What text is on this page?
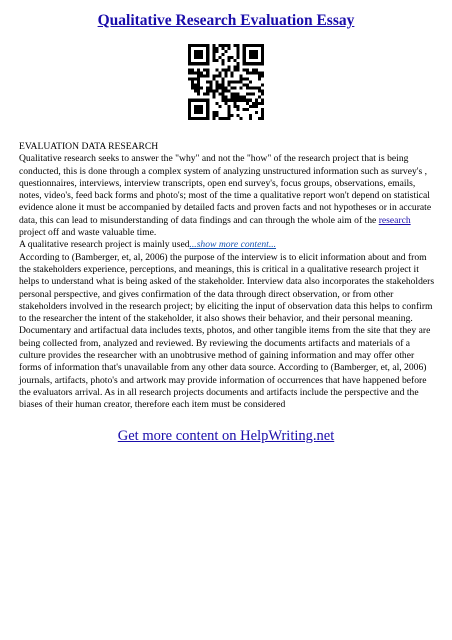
Qualitative Research Evaluation Essay

EVALUATION DATA RESEARCH

Qualitative research seeks to answer the "why" and not the "how" of the research project that is being conducted, this is done through a complex system of analyzing unstructured information such as survey's , questionnaires, interviews, interview transcripts, open end survey's, focus groups, observations, emails, notes, video's, feed back forms and photo's; most of the time a qualitative report won't depend on statistical evidence alone it must be accompanied by detailed facts and proven facts and not hypotheses or in accurate data, this can lead to misunderstanding of data findings and can through the whole aim of the research project off and waste valuable time.

A qualitative research project is mainly used...show more content...

According to (Bamberger, et, al, 2006) the purpose of the interview is to elicit information about and from the stakeholders experience, perceptions, and meanings, this is critical in a qualitative research project it helps to understand what is being asked of the stakeholder. Interview data also incorporates the stakeholders personal perspective, and gives confirmation of the data through direct observation, or from other stakeholders involved in the research project; by eliciting the input of observation data this helps to confirm to the researcher the intent of the stakeholder, it also shows their behavior, and their personal meaning. Documentary and artifactual data includes texts, photos, and other tangible items from the site that they are being collected from, analyzed and reviewed. By reviewing the documents artifacts and materials of a culture provides the researcher with an unobtrusive method of gaining information and may offer other forms of information that's unavailable from any other data source. According to (Bamberger, et, al, 2006) journals, artifacts, photo's and artwork may provide information of occurrences that have happened before the evaluators arrival. As in all research projects documents and artifacts include the perspective and the biases of their human creator, therefore each item must be considered

Get more content on HelpWriting.net
